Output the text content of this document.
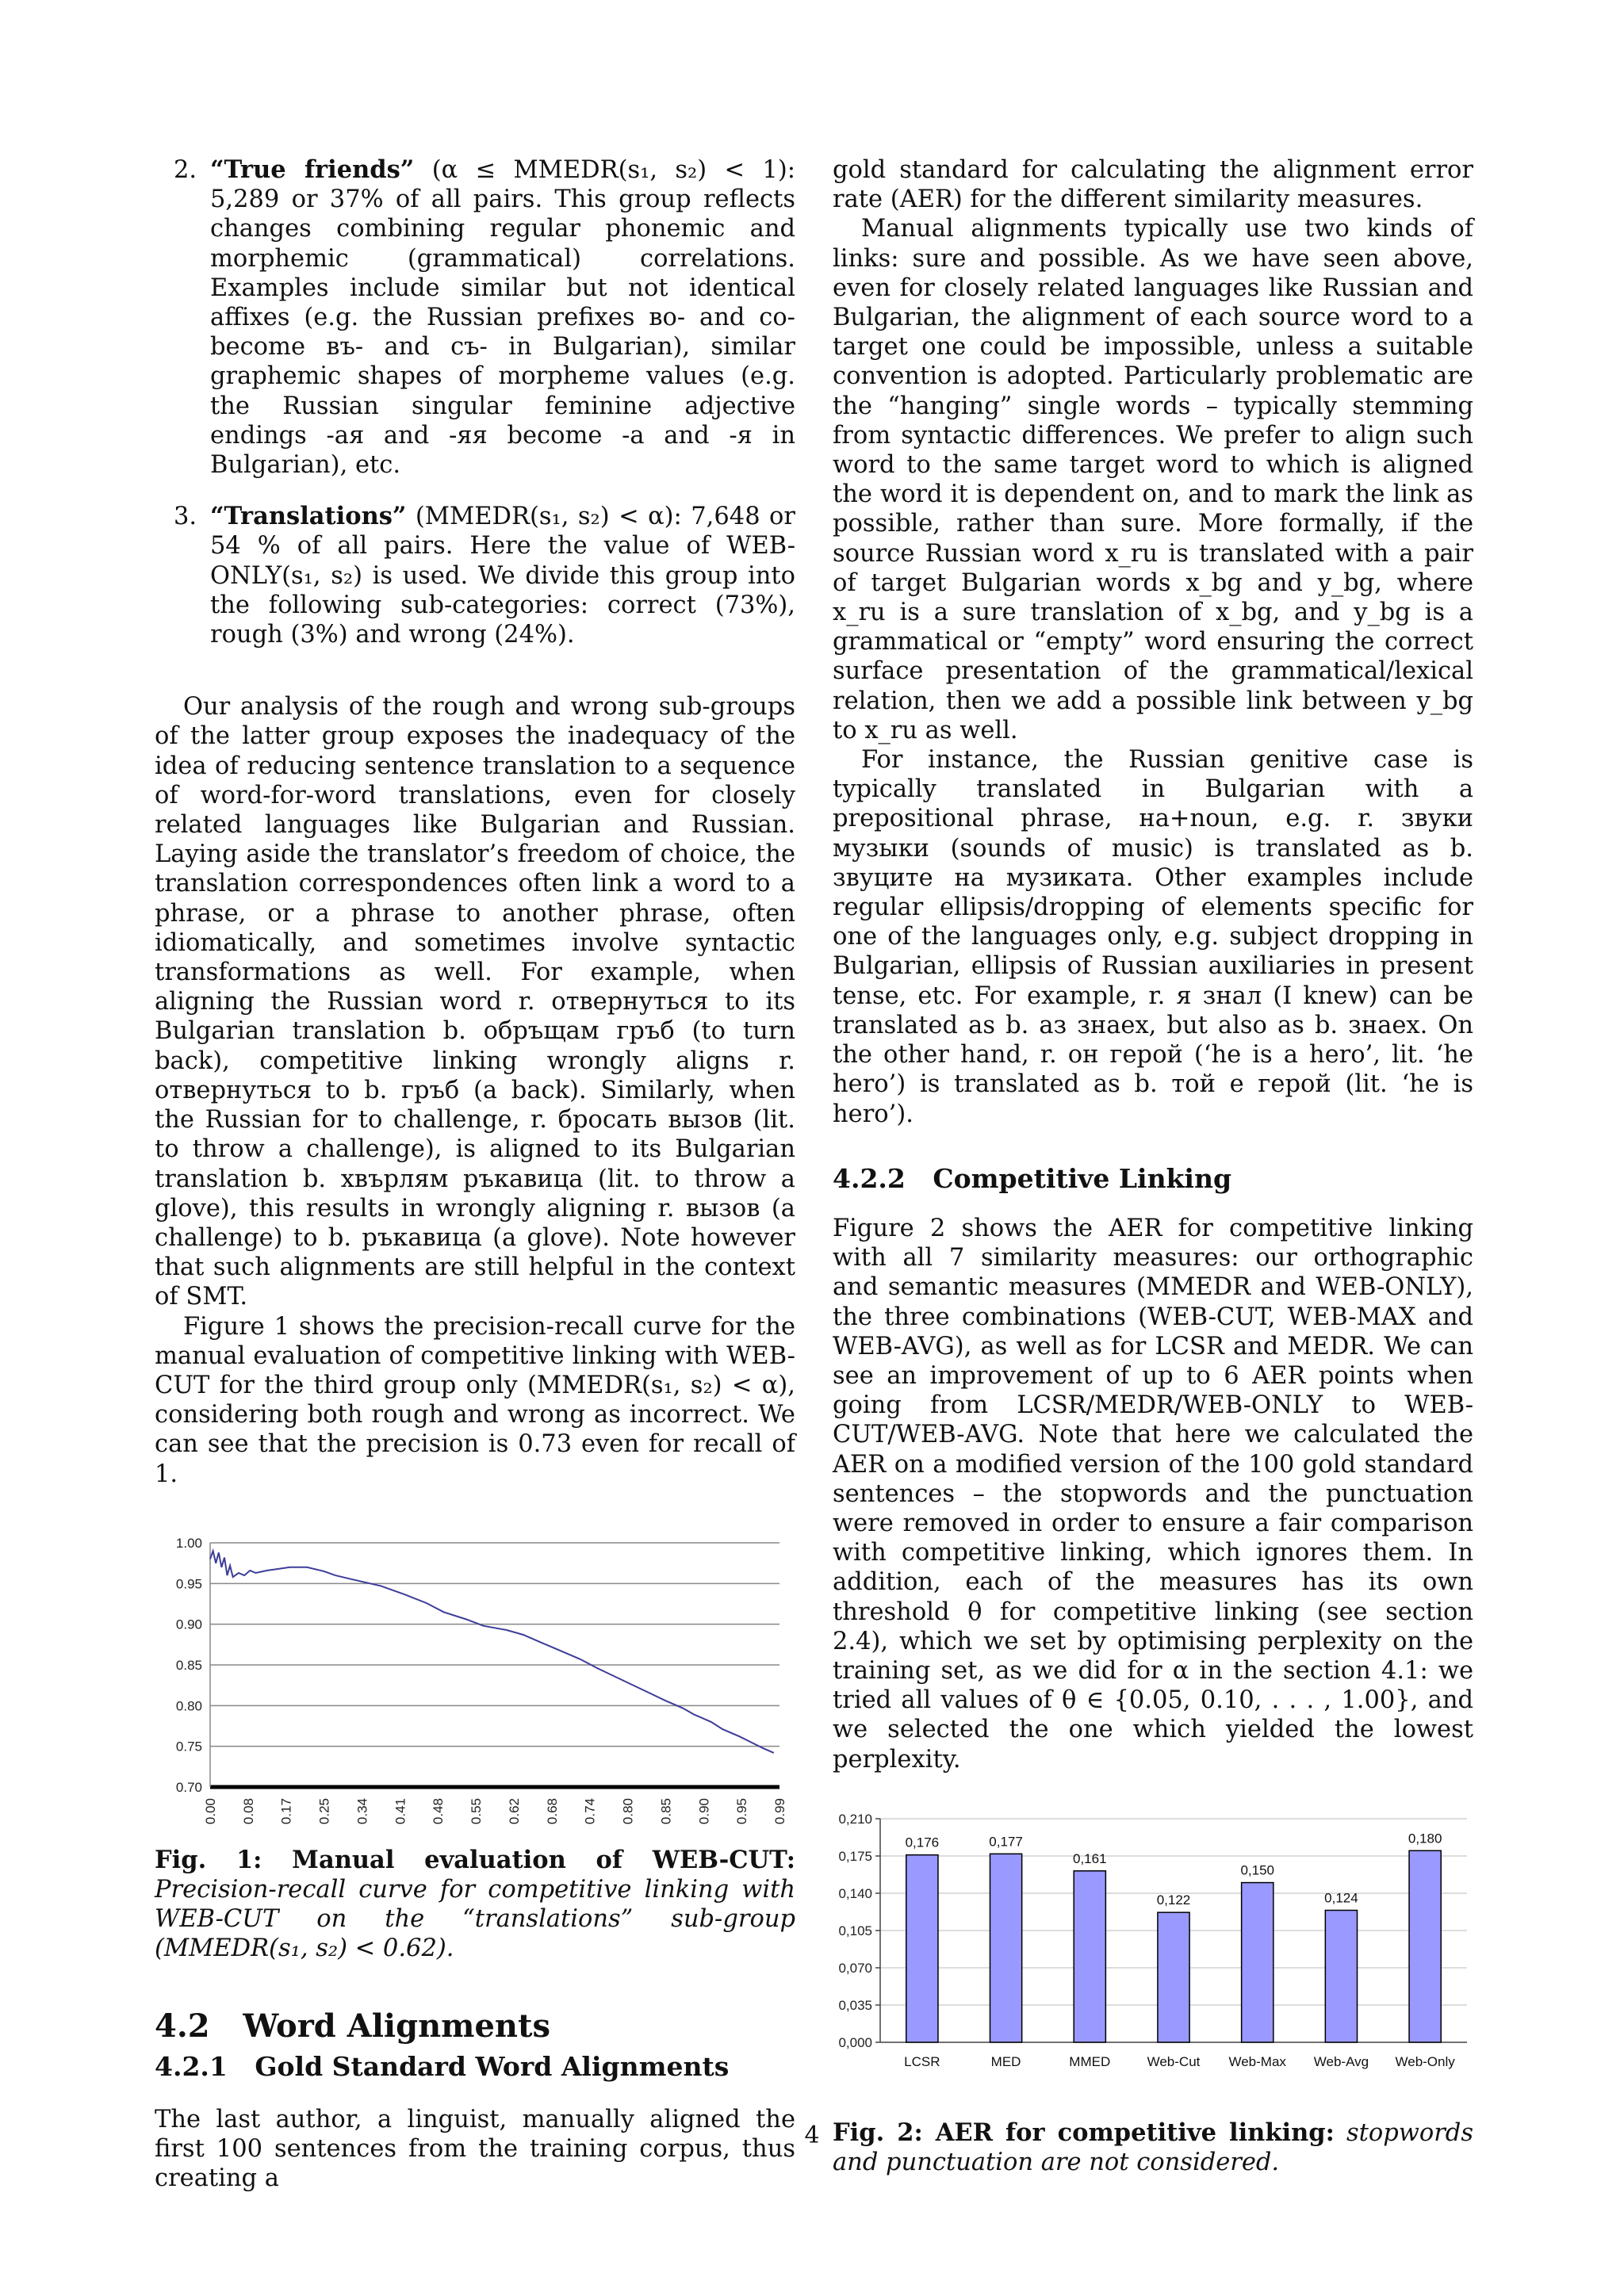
2. “True friends” (α ≤ MMEDR(s₁, s₂) < 1): 5,289 or 37% of all pairs. This group reflects changes combining regular phonemic and morphemic (grammatical) correlations. Examples include similar but not identical affixes (e.g. the Russian prefixes во- and со- become въ- and съ- in Bulgarian), similar graphemic shapes of morpheme values (e.g. the Russian singular feminine adjective endings -ая and -яя become -а and -я in Bulgarian), etc.
3. “Translations” (MMEDR(s₁, s₂) < α): 7,648 or 54 % of all pairs. Here the value of WEB-ONLY(s₁, s₂) is used. We divide this group into the following sub-categories: correct (73%), rough (3%) and wrong (24%).

Our analysis of the rough and wrong sub-groups of the latter group exposes the inadequacy of the idea of reducing sentence translation to a sequence of word-for-word translations, even for closely related languages like Bulgarian and Russian. Laying aside the translator’s freedom of choice, the translation correspondences often link a word to a phrase, or a phrase to another phrase, often idiomatically, and sometimes involve syntactic transformations as well. For example, when aligning the Russian word r. отвернуться to its Bulgarian translation b. обръщам гръб (to turn back), competitive linking wrongly aligns r. отвернуться to b. гръб (a back). Similarly, when the Russian for to challenge, r. бросать вызов (lit. to throw a challenge), is aligned to its Bulgarian translation b. хвърлям ръкавица (lit. to throw a glove), this results in wrongly aligning r. вызов (a challenge) to b. ръкавица (a glove). Note however that such alignments are still helpful in the context of SMT.

Figure 1 shows the precision-recall curve for the manual evaluation of competitive linking with WEB-CUT for the third group only (MMEDR(s₁, s₂) < α), considering both rough and wrong as incorrect. We can see that the precision is 0.73 even for recall of 1.

1.00
0.95
0.90
0.85
0.80
0.75
0.70
0.00 0.08 0.17 0.25 0.34 0.41 0.48 0.55 0.62 0.68 0.74 0.80 0.85 0.90 0.95 0.99

Fig. 1: Manual evaluation of WEB-CUT: Precision-recall curve for competitive linking with WEB-CUT on the “translations” sub-group (MMEDR(s₁, s₂) < 0.62).

4.2 Word Alignments
4.2.1 Gold Standard Word Alignments

The last author, a linguist, manually aligned the first 100 sentences from the training corpus, thus creating a

gold standard for calculating the alignment error rate (AER) for the different similarity measures.

Manual alignments typically use two kinds of links: sure and possible. As we have seen above, even for closely related languages like Russian and Bulgarian, the alignment of each source word to a target one could be impossible, unless a suitable convention is adopted. Particularly problematic are the “hanging” single words – typically stemming from syntactic differences. We prefer to align such word to the same target word to which is aligned the word it is dependent on, and to mark the link as possible, rather than sure. More formally, if the source Russian word x_ru is translated with a pair of target Bulgarian words x_bg and y_bg, where x_ru is a sure translation of x_bg, and y_bg is a grammatical or “empty” word ensuring the correct surface presentation of the grammatical/lexical relation, then we add a possible link between y_bg to x_ru as well.

For instance, the Russian genitive case is typically translated in Bulgarian with a prepositional phrase, на+noun, e.g. r. звуки музыки (sounds of music) is translated as b. звуците на музиката. Other examples include regular ellipsis/dropping of elements specific for one of the languages only, e.g. subject dropping in Bulgarian, ellipsis of Russian auxiliaries in present tense, etc. For example, r. я знал (I knew) can be translated as b. аз знаех, but also as b. знаех. On the other hand, r. он герой (‘he is a hero’, lit. ‘he hero’) is translated as b. той е герой (lit. ‘he is hero’).

4.2.2 Competitive Linking

Figure 2 shows the AER for competitive linking with all 7 similarity measures: our orthographic and semantic measures (MMEDR and WEB-ONLY), the three combinations (WEB-CUT, WEB-MAX and WEB-AVG), as well as for LCSR and MEDR. We can see an improvement of up to 6 AER points when going from LCSR/MEDR/WEB-ONLY to WEB-CUT/WEB-AVG. Note that here we calculated the AER on a modified version of the 100 gold standard sentences – the stopwords and the punctuation were removed in order to ensure a fair comparison with competitive linking, which ignores them. In addition, each of the measures has its own threshold θ for competitive linking (see section 2.4), which we set by optimising perplexity on the training set, as we did for α in the section 4.1: we tried all values of θ ∈ {0.05, 0.10, . . . , 1.00}, and we selected the one which yielded the lowest perplexity.

0,210
0,175
0,140
0,105
0,070
0,035
0,000
0,176
LCSR
0,177
MED
0,161
MMED
0,122
Web-Cut
0,150
Web-Max
0,124
Web-Avg
0,180
Web-Only

Fig. 2: AER for competitive linking: stopwords and punctuation are not considered.

4
